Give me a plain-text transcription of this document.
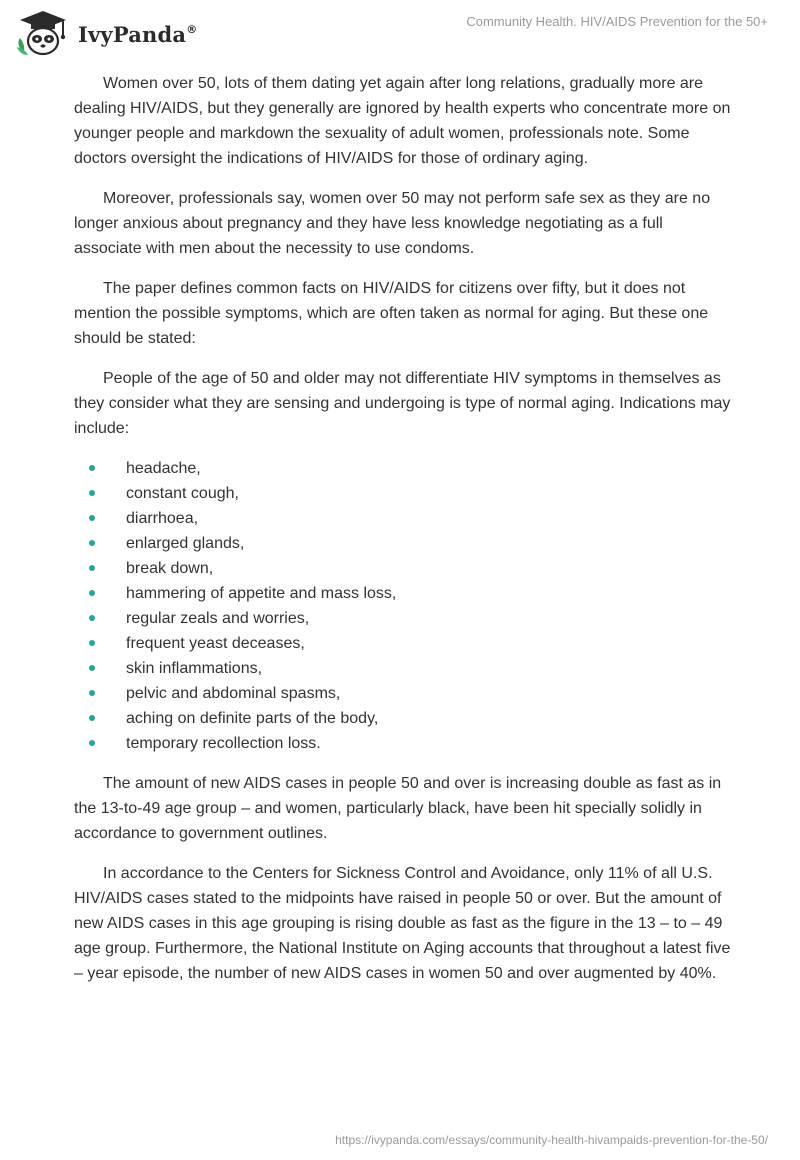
IvyPanda®	Community Health. HIV/AIDS Prevention for the 50+

Women over 50, lots of them dating yet again after long relations, gradually more are dealing HIV/AIDS, but they generally are ignored by health experts who concentrate more on younger people and markdown the sexuality of adult women, professionals note. Some doctors oversight the indications of HIV/AIDS for those of ordinary aging.

Moreover, professionals say, women over 50 may not perform safe sex as they are no longer anxious about pregnancy and they have less knowledge negotiating as a full associate with men about the necessity to use condoms.

The paper defines common facts on HIV/AIDS for citizens over fifty, but it does not mention the possible symptoms, which are often taken as normal for aging. But these one should be stated:

People of the age of 50 and older may not differentiate HIV symptoms in themselves as they consider what they are sensing and undergoing is type of normal aging. Indications may include:

headache,
constant cough,
diarrhoea,
enlarged glands,
break down,
hammering of appetite and mass loss,
regular zeals and worries,
frequent yeast deceases,
skin inflammations,
pelvic and abdominal spasms,
aching on definite parts of the body,
temporary recollection loss.

The amount of new AIDS cases in people 50 and over is increasing double as fast as in the 13-to-49 age group – and women, particularly black, have been hit specially solidly in accordance to government outlines.

In accordance to the Centers for Sickness Control and Avoidance, only 11% of all U.S. HIV/AIDS cases stated to the midpoints have raised in people 50 or over. But the amount of new AIDS cases in this age grouping is rising double as fast as the figure in the 13 – to – 49 age group. Furthermore, the National Institute on Aging accounts that throughout a latest five – year episode, the number of new AIDS cases in women 50 and over augmented by 40%.

https://ivypanda.com/essays/community-health-hivampaids-prevention-for-the-50/
